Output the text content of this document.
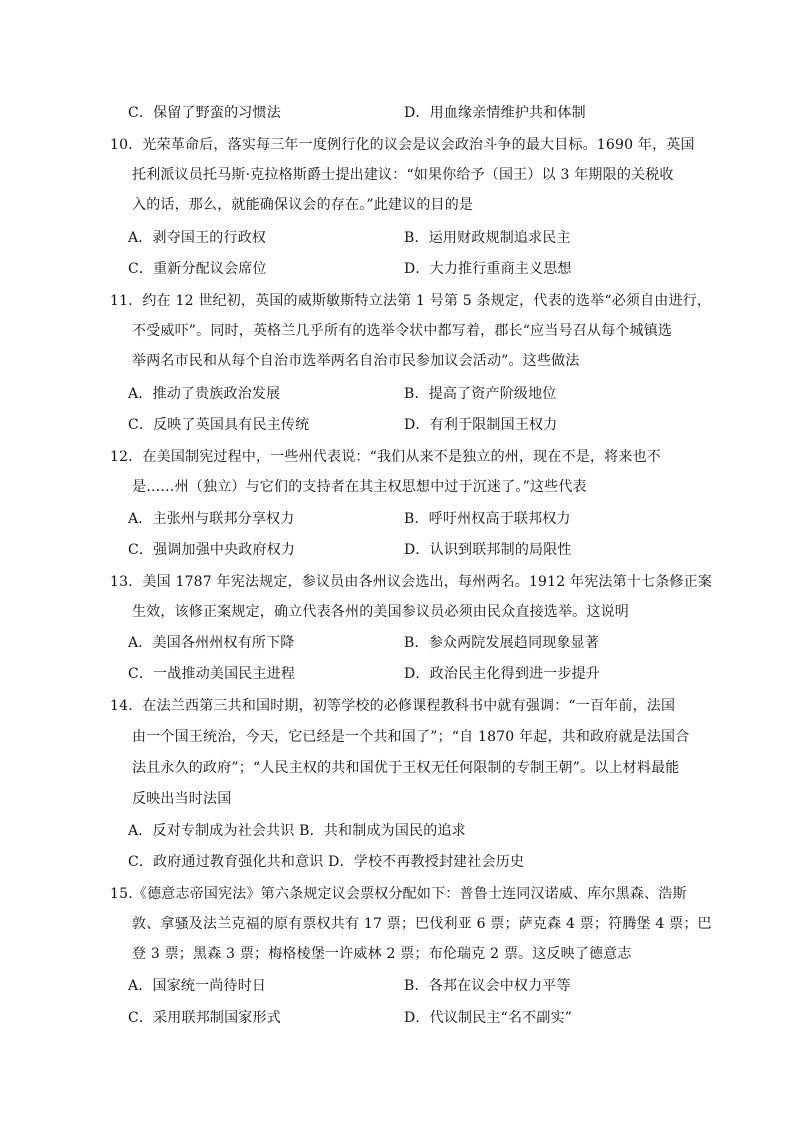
C．保留了野蛮的习惯法	D．用血缘亲情维护共和体制
10．光荣革命后，落实每三年一度例行化的议会是议会政治斗争的最大目标。1690 年，英国
托利派议员托马斯·克拉格斯爵士提出建议：“如果你给予（国王）以 3 年期限的关税收
入的话，那么，就能确保议会的存在。”此建议的目的是
A．剥夺国王的行政权	B．运用财政规制追求民主
C．重新分配议会席位	D．大力推行重商主义思想
11．约在 12 世纪初，英国的威斯敏斯特立法第 1 号第 5 条规定，代表的选举“必须自由进行，
不受威吓”。同时，英格兰几乎所有的选举令状中都写着，郡长“应当号召从每个城镇选
举两名市民和从每个自治市选举两名自治市民参加议会活动”。这些做法
A．推动了贵族政治发展	B．提高了资产阶级地位
C．反映了英国具有民主传统	D．有利于限制国王权力
12．在美国制宪过程中，一些州代表说：“我们从来不是独立的州，现在不是，将来也不
是……州（独立）与它们的支持者在其主权思想中过于沉迷了。”这些代表
A．主张州与联邦分享权力	B．呼吁州权高于联邦权力
C．强调加强中央政府权力	D．认识到联邦制的局限性
13．美国 1787 年宪法规定，参议员由各州议会选出，每州两名。1912 年宪法第十七条修正案
生效，该修正案规定，确立代表各州的美国参议员必须由民众直接选举。这说明
A．美国各州州权有所下降	B．参众两院发展趋同现象显著
C．一战推动美国民主进程	D．政治民主化得到进一步提升
14．在法兰西第三共和国时期，初等学校的必修课程教科书中就有强调：“一百年前，法国
由一个国王统治，今天，它已经是一个共和国了”；“自 1870 年起，共和政府就是法国合
法且永久的政府”；“人民主权的共和国优于王权无任何限制的专制王朝”。以上材料最能
反映出当时法国
A．反对专制成为社会共识 B．共和制成为国民的追求
C．政府通过教育强化共和意识 D．学校不再教授封建社会历史
15.《德意志帝国宪法》第六条规定议会票权分配如下：普鲁士连同汉诺威、库尔黑森、浩斯
敦、拿骚及法兰克福的原有票权共有 17 票；巴伐利亚 6 票；萨克森 4 票；符腾堡 4 票；巴
登 3 票；黑森 3 票；梅格棱堡一许威林 2 票；布伦瑞克 2 票。这反映了德意志
A．国家统一尚待时日	B．各邦在议会中权力平等
C．采用联邦制国家形式	D．代议制民主“名不副实”
